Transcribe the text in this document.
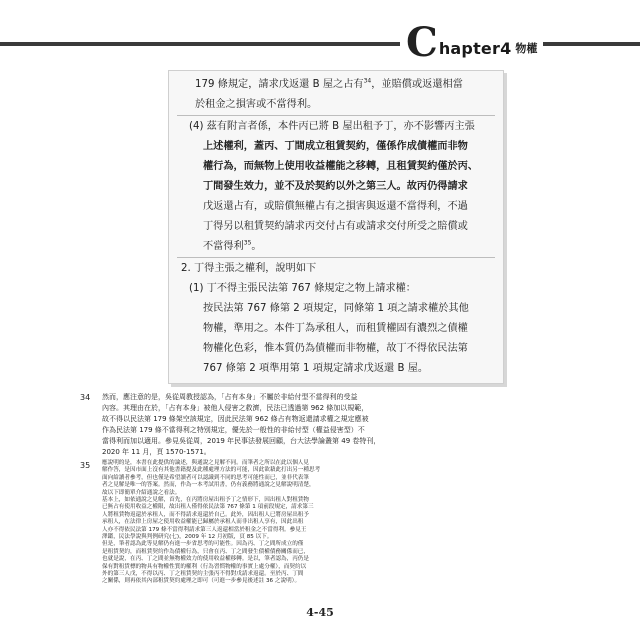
C hapter4 物權
179 條規定，請求戊返還 B 屋之占有$^{34}$，並賠償或返還相當
於租金之損害或不當得利。
(4) 茲有附言者係，本件丙已將 B 屋出租予丁，亦不影響丙主張
上述權利，蓋丙、丁間成立租賃契約，僅係作成債權而非物
權行為，而無物上使用收益權能之移轉，且租賃契約僅於丙、
丁間發生效力，並不及於契約以外之第三人。故丙仍得請求
戊返還占有，或賠償無權占有之損害與返還不當得利，不過
丁得另以租賃契約請求丙交付占有或請求交付所受之賠償或
不當得利$^{35}$。
2. 丁得主張之權利，說明如下
(1) 丁不得主張民法第 767 條規定之物上請求權：
按民法第 767 條第 2 項規定，同條第 1 項之請求權於其他
物權，準用之。本件丁為承租人，而租賃權固有濃烈之債權
物權化色彩，惟本質仍為債權而非物權，故丁不得依民法第
767 條第 2 項準用第 1 項規定請求戊返還 B 屋。
34 然而，應注意的是，吳從周教授認為，「占有本身」不屬於非給付型不當得利的受益
內容。其理由在於，「占有本身」被他人侵害之救濟，民法已透過第 962 條加以規範，
故不得以民法第 179 條架空該規定，因此民法第 962 條占有物返還請求權之規定應被
作為民法第 179 條不當得利之特別規定，優先於一般性的非給付型（權益侵害型）不
當得利而加以適用。參見吳從周，2019 年民事法發展回顧，台大法學論叢第 49 卷特刊，
2020 年 11 月，頁 1570-1571。
35 應說明的是，本書在此提供的論述，與通說之見解不同。而筆者之所以在此以個人見
解作答，是因市面上沒有其他書籍提及此種處理方法的可能，因此欲藉此打出另一種思考
面向給讀者參考，但也僅是希望讀者可以認識到不同的思考可能性而已，並非代表筆
者之見解是唯一的答案。然而，作為一本考試用書，仍有義務將通說之見解說明清楚，
故以下即簡單介紹通說之看法。
基本上，如依通說之見解，首先，在丙將房屋出租予丁之情形下，因出租人對租賃物
已無占有使用收益之權限，故出租人僅得依民法第 767 條第 1 項前段規定，請求第三
人將租賃物返還於承租人，而不得請求返還於自己。此外，因出租人已將房屋出租予
承租人，在法律上房屋之使用收益權能已歸屬於承租人而非出租人享有，因此出租
人亦不得依民法第 179 條不當得利請求第三人返還相當於租金之不當得利。參見王
澤鑑，民法學說與判例研究(七)，2009 年 12 月初版，頁 85 以下。
但是，筆者認為此等見解仍有進一步省思考的可能性。因為丙、丁之間所成立的僅
是租賃契約，而租賃契約作為債權行為，只會在丙、丁之間發生債權債務關係而已，
也就是說，在丙、丁之間並無物權效力的使用收益權移轉。是以，筆者認為，丙仍是
保有對租賃標的物具有物權性質的權利（行為習慣物權的事實上處分權），而契約以
外的第三人戊，不得以丙、丁之租賃契約主張丙不得對戊請求返還。至於丙、丁間
之關係，則再依其內部租賃契約處理之即可（可進一步參見後述註 36 之說明）。
4-45
